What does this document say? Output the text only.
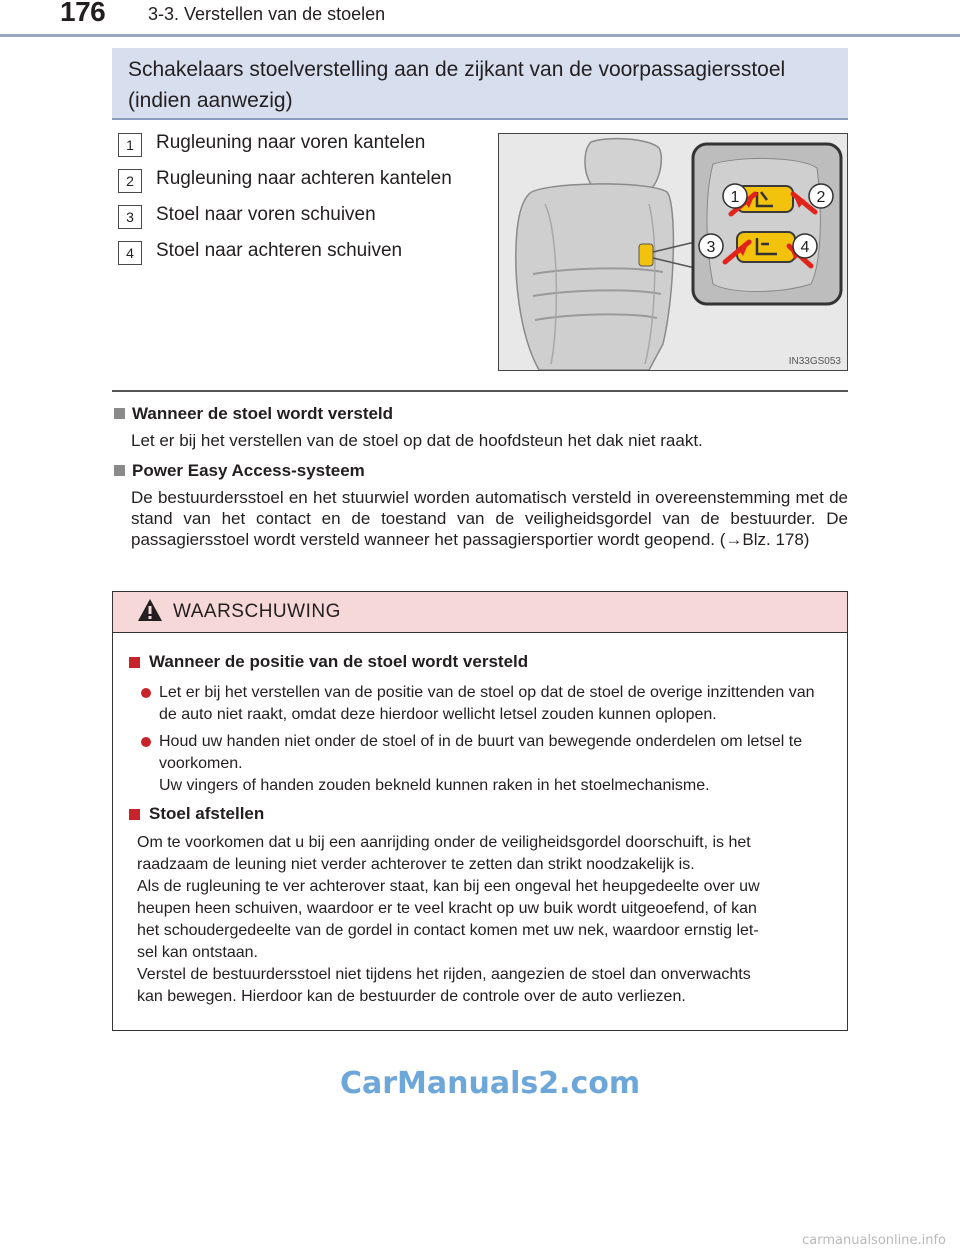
176 3-3. Verstellen van de stoelen
Schakelaars stoelverstelling aan de zijkant van de voorpassagiersstoel
(indien aanwezig)
1	Rugleuning naar voren kantelen
2	Rugleuning naar achteren kantelen
3	Stoel naar voren schuiven
4	Stoel naar achteren schuiven
1	2
3	4
IN33GS053
Wanneer de stoel wordt versteld
Let er bij het verstellen van de stoel op dat de hoofdsteun het dak niet raakt.
Power Easy Access-systeem
De bestuurdersstoel en het stuurwiel worden automatisch versteld in overeenstemming met de stand van het contact en de toestand van de veiligheidsgordel van de bestuurder. De passagiersstoel wordt versteld wanneer het passagiersportier wordt geopend. (→Blz. 178)
WAARSCHUWING
Wanneer de positie van de stoel wordt versteld
Let er bij het verstellen van de positie van de stoel op dat de stoel de overige inzittenden van
de auto niet raakt, omdat deze hierdoor wellicht letsel zouden kunnen oplopen.
Houd uw handen niet onder de stoel of in de buurt van bewegende onderdelen om letsel te
voorkomen.
Uw vingers of handen zouden bekneld kunnen raken in het stoelmechanisme.
Stoel afstellen
Om te voorkomen dat u bij een aanrijding onder de veiligheidsgordel doorschuift, is het
raadzaam de leuning niet verder achterover te zetten dan strikt noodzakelijk is.
Als de rugleuning te ver achterover staat, kan bij een ongeval het heupgedeelte over uw
heupen heen schuiven, waardoor er te veel kracht op uw buik wordt uitgeoefend, of kan
het schoudergedeelte van de gordel in contact komen met uw nek, waardoor ernstig let-
sel kan ontstaan.
Verstel de bestuurdersstoel niet tijdens het rijden, aangezien de stoel dan onverwachts
kan bewegen. Hierdoor kan de bestuurder de controle over de auto verliezen.
CarManuals2.com
carmanualsonline.info
